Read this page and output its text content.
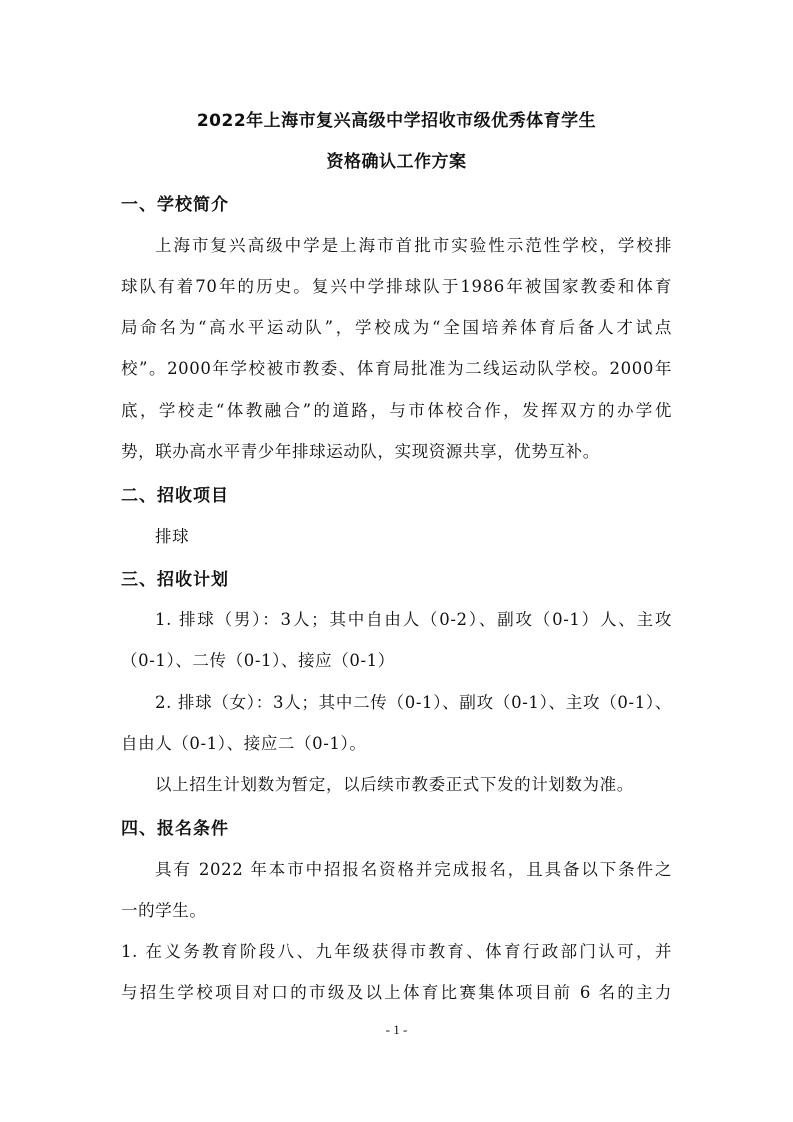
2022年上海市复兴高级中学招收市级优秀体育学生
资格确认工作方案
一、学校简介
上海市复兴高级中学是上海市首批市实验性示范性学校，学校排
球队有着70年的历史。复兴中学排球队于1986年被国家教委和体育
局命名为“高水平运动队”，学校成为“全国培养体育后备人才试点
校”。2000年学校被市教委、体育局批准为二线运动队学校。2000年
底，学校走“体教融合”的道路，与市体校合作，发挥双方的办学优
势，联办高水平青少年排球运动队，实现资源共享，优势互补。
二、招收项目
排球
三、招收计划
1. 排球（男）：3人；其中自由人（0-2）、副攻（0-1）人、主攻
（0-1）、二传（0-1）、接应（0-1）
2. 排球（女）：3人；其中二传（0-1）、副攻（0-1）、主攻（0-1）、
自由人（0-1）、接应二（0-1）。
以上招生计划数为暂定，以后续市教委正式下发的计划数为准。
四、报名条件
具有 2022 年本市中招报名资格并完成报名，且具备以下条件之
一的学生。
1. 在义务教育阶段八、九年级获得市教育、体育行政部门认可，并
与招生学校项目对口的市级及以上体育比赛集体项目前 6 名的主力
- 1 -
